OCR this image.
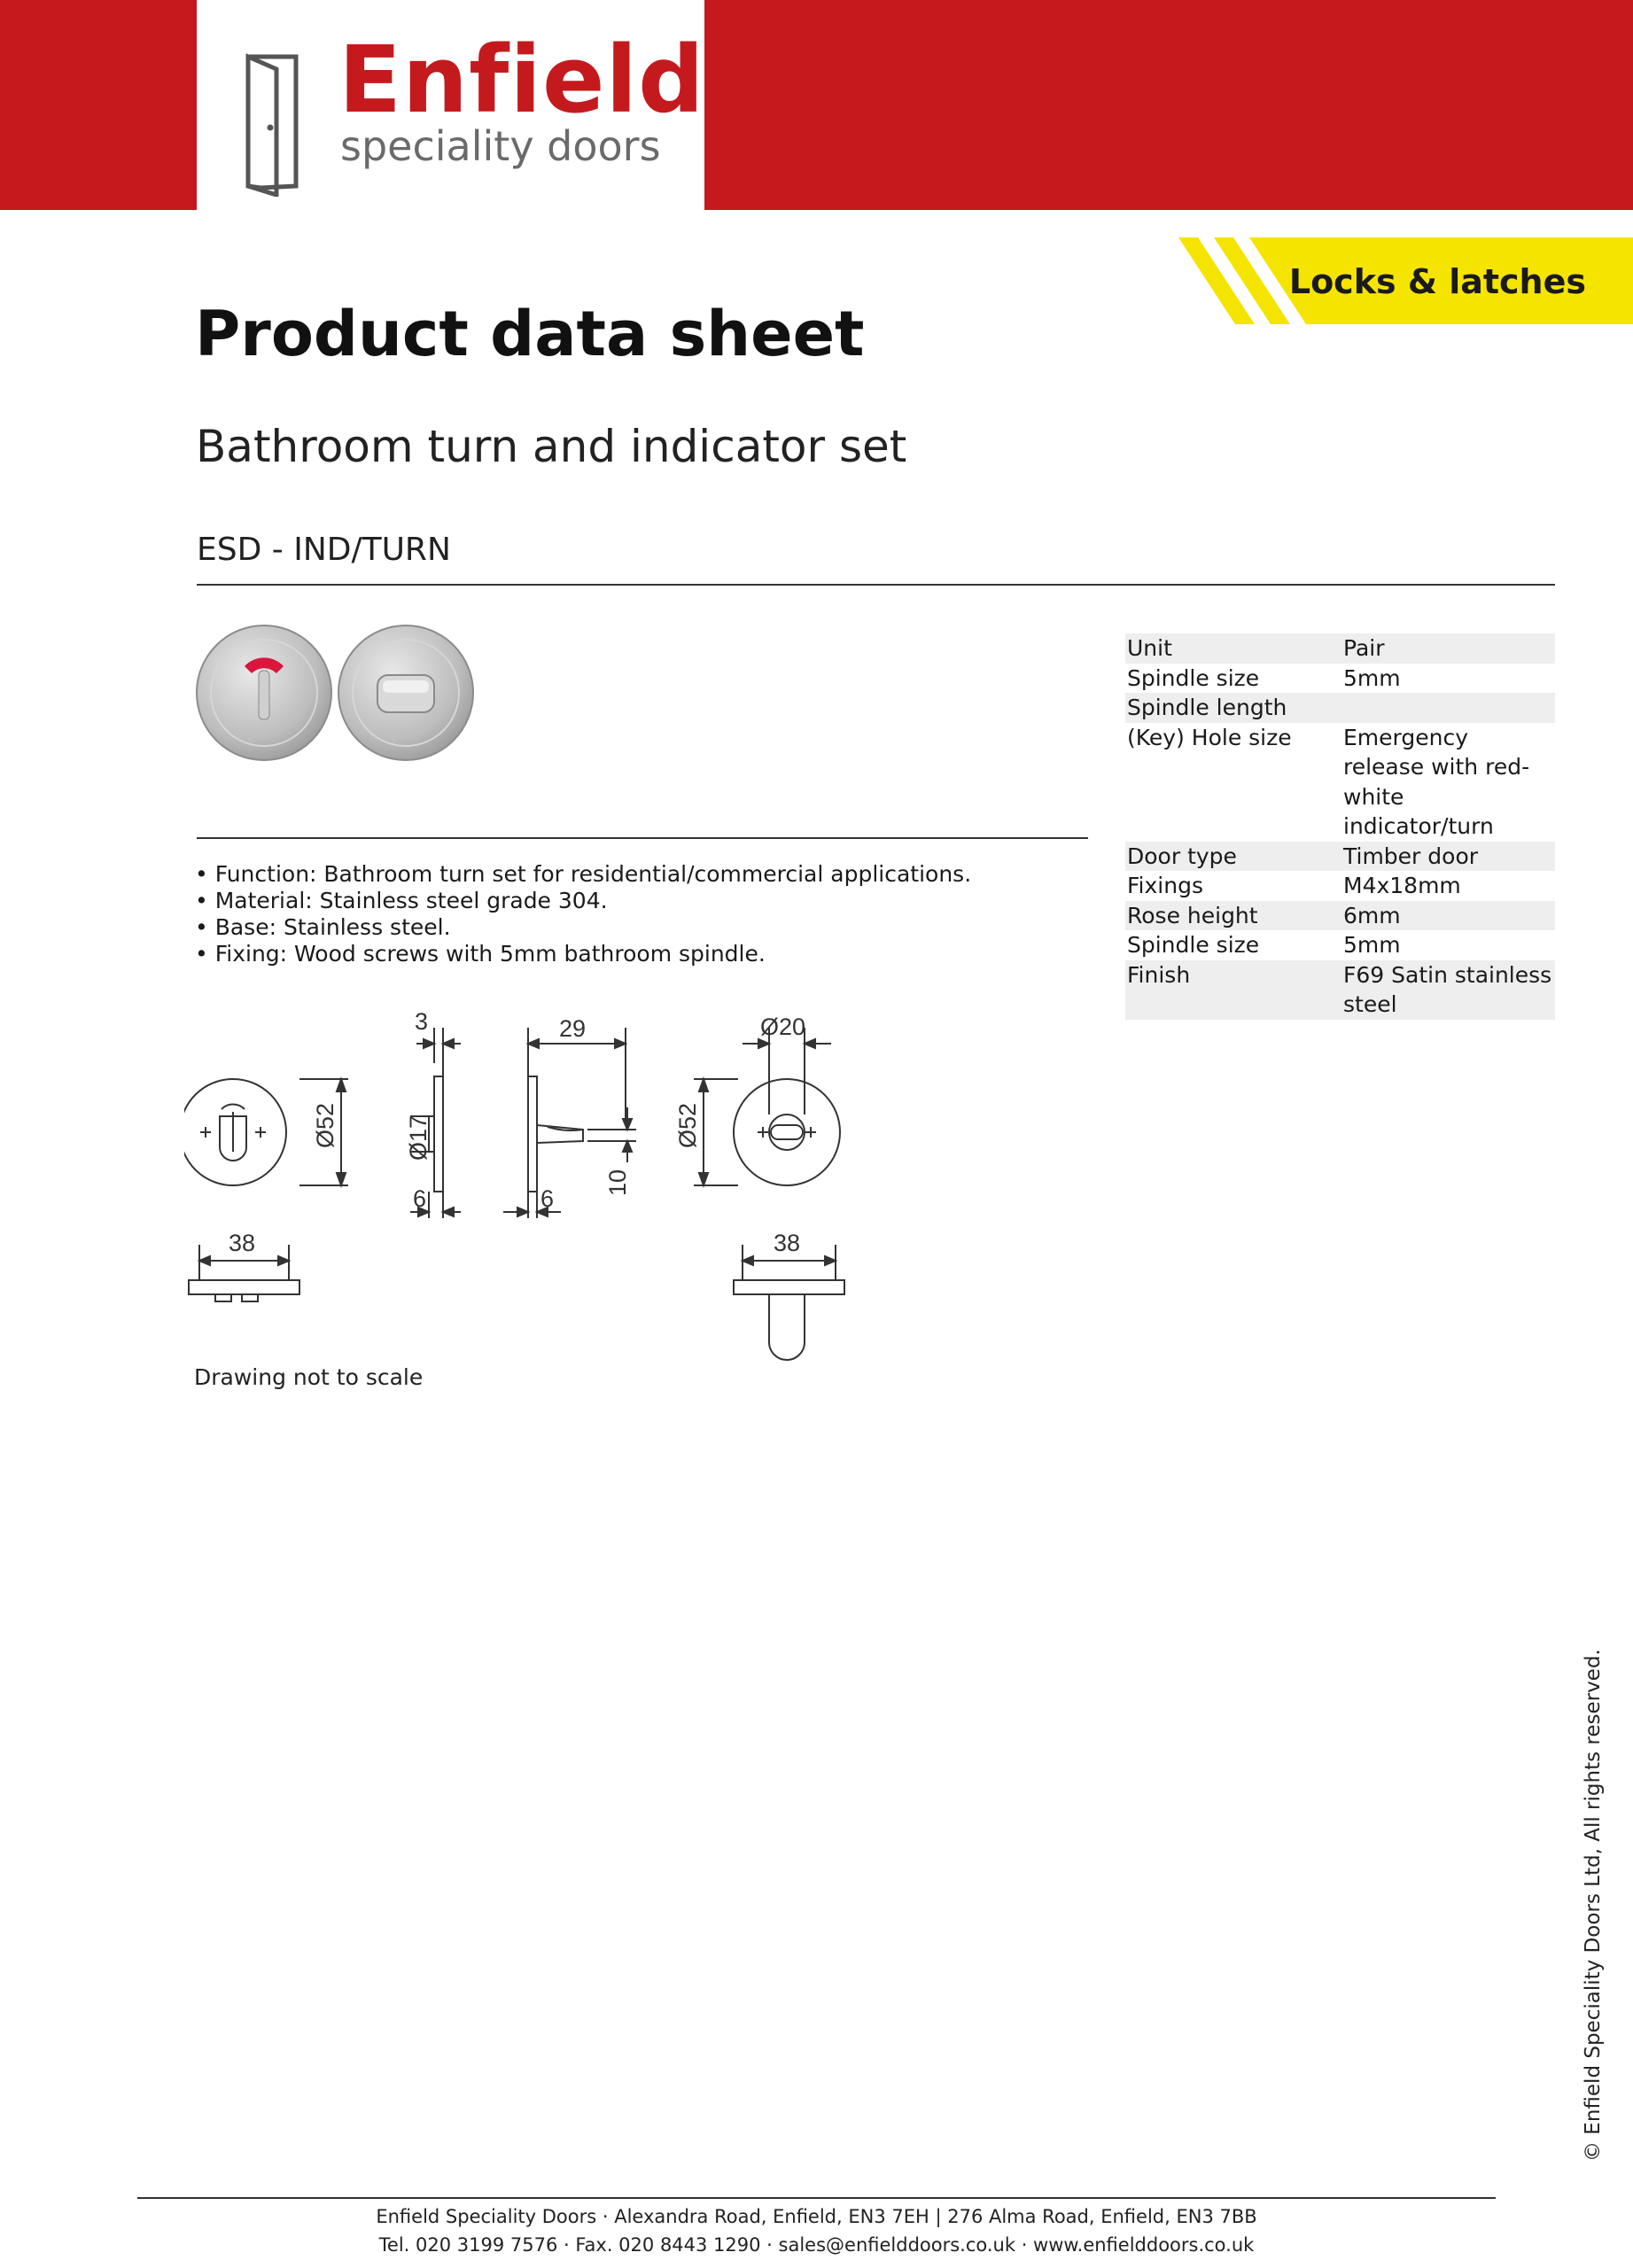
Enfield
speciality doors
Locks & latches
Product data sheet
Bathroom turn and indicator set
ESD - IND/TURN
Unit	Pair
Spindle size	5mm
Spindle length	
(Key) Hole size	Emergency release with red-white indicator/turn
Door type	Timber door
Fixings	M4x18mm
Rose height	6mm
Spindle size	5mm
Finish	F69 Satin stainless steel
• Function: Bathroom turn set for residential/commercial applications.
• Material: Stainless steel grade 304.
• Base: Stainless steel.
• Fixing: Wood screws with 5mm bathroom spindle.
Ø52
3
Ø17
6
29
10
6
Ø20
Ø52
38	38
Drawing not to scale
© Enfield Speciality Doors Ltd, All rights reserved.
Enfield Speciality Doors · Alexandra Road, Enfield, EN3 7EH | 276 Alma Road, Enfield, EN3 7BB
Tel. 020 3199 7576 · Fax. 020 8443 1290 · sales@enfielddoors.co.uk · www.enfielddoors.co.uk
